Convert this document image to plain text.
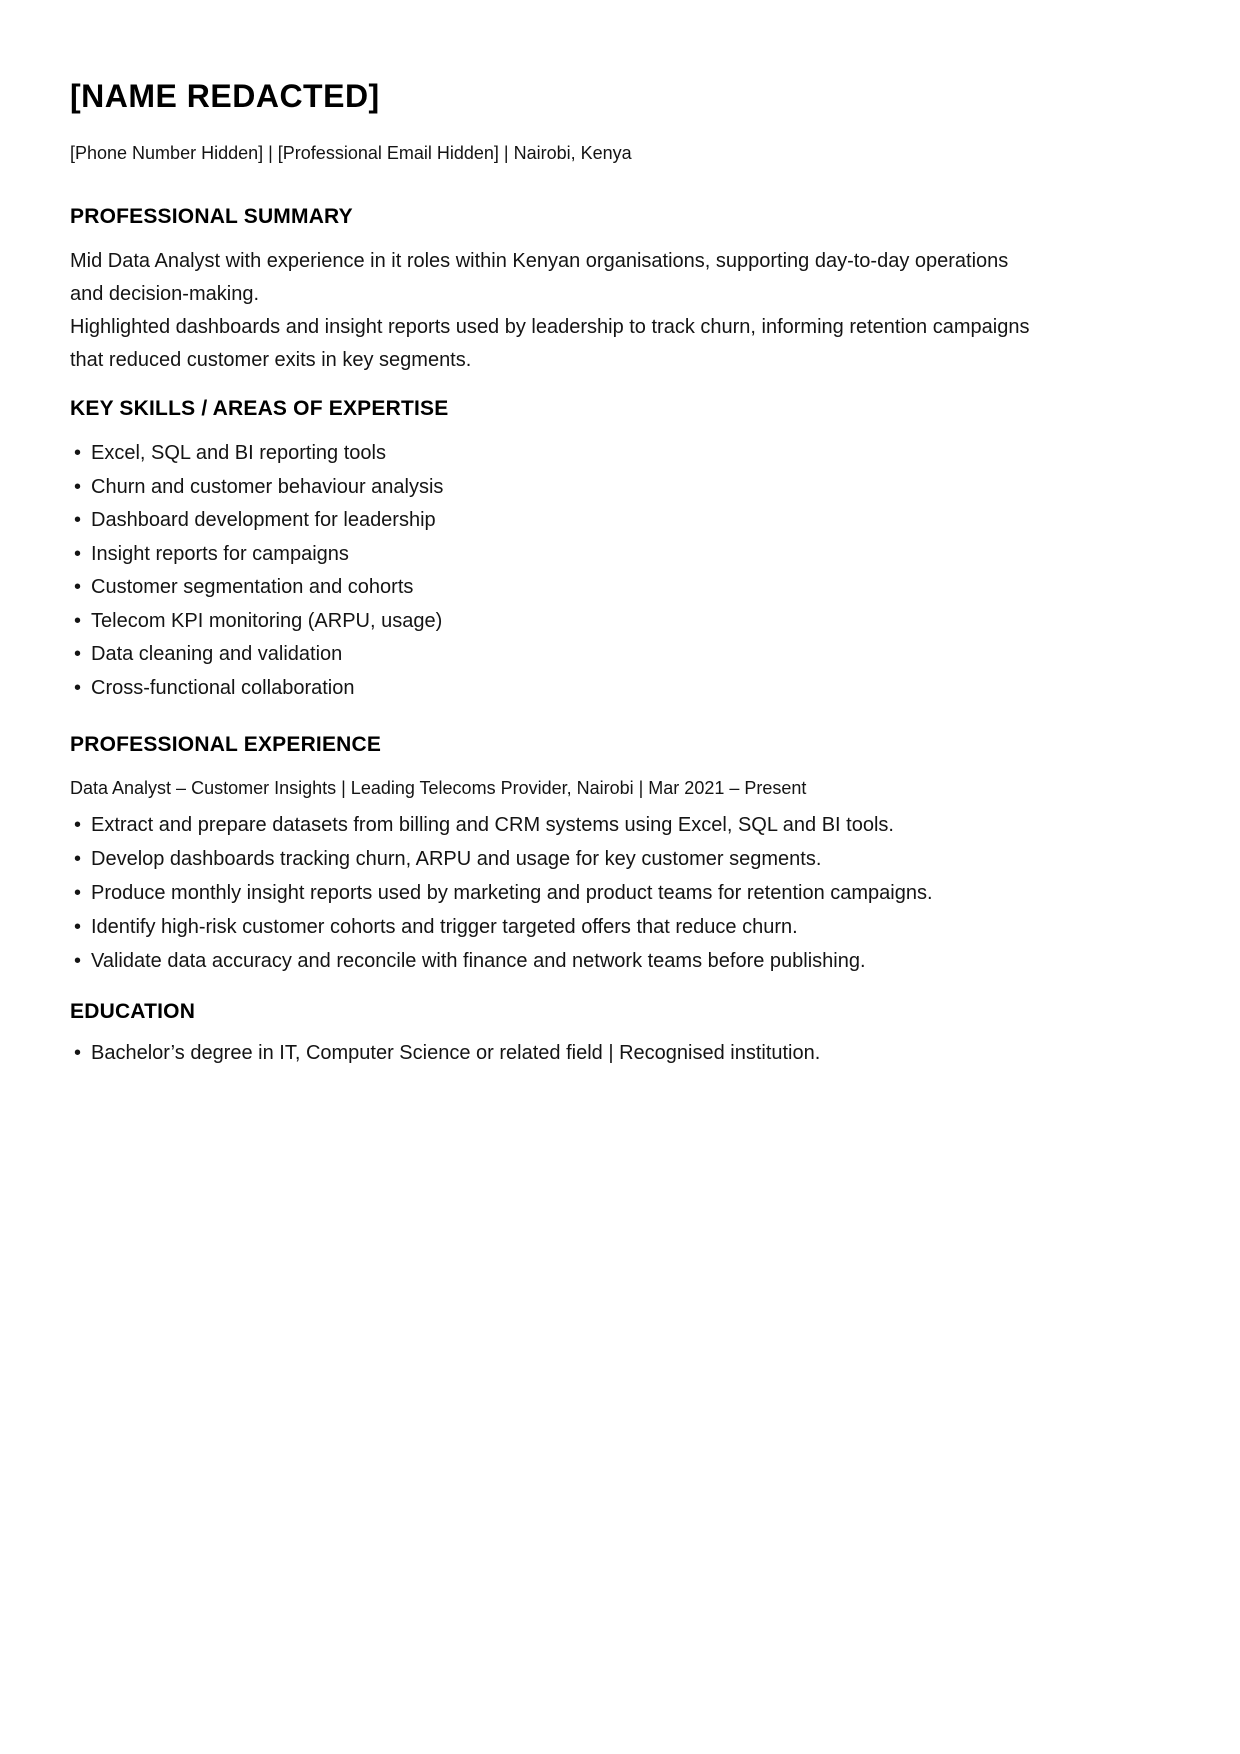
[NAME REDACTED]
[Phone Number Hidden] | [Professional Email Hidden] | Nairobi, Kenya
PROFESSIONAL SUMMARY

Mid Data Analyst with experience in it roles within Kenyan organisations, supporting day-to-day operations and decision-making.

Highlighted dashboards and insight reports used by leadership to track churn, informing retention campaigns that reduced customer exits in key segments.

KEY SKILLS / AREAS OF EXPERTISE
• Excel, SQL and BI reporting tools
• Churn and customer behaviour analysis
• Dashboard development for leadership
• Insight reports for campaigns
• Customer segmentation and cohorts
• Telecom KPI monitoring (ARPU, usage)
• Data cleaning and validation
• Cross-functional collaboration
PROFESSIONAL EXPERIENCE
Data Analyst – Customer Insights | Leading Telecoms Provider, Nairobi | Mar 2021 – Present
• Extract and prepare datasets from billing and CRM systems using Excel, SQL and BI tools.
• Develop dashboards tracking churn, ARPU and usage for key customer segments.
• Produce monthly insight reports used by marketing and product teams for retention campaigns.
• Identify high-risk customer cohorts and trigger targeted offers that reduce churn.
• Validate data accuracy and reconcile with finance and network teams before publishing.
EDUCATION
• Bachelor’s degree in IT, Computer Science or related field | Recognised institution.
